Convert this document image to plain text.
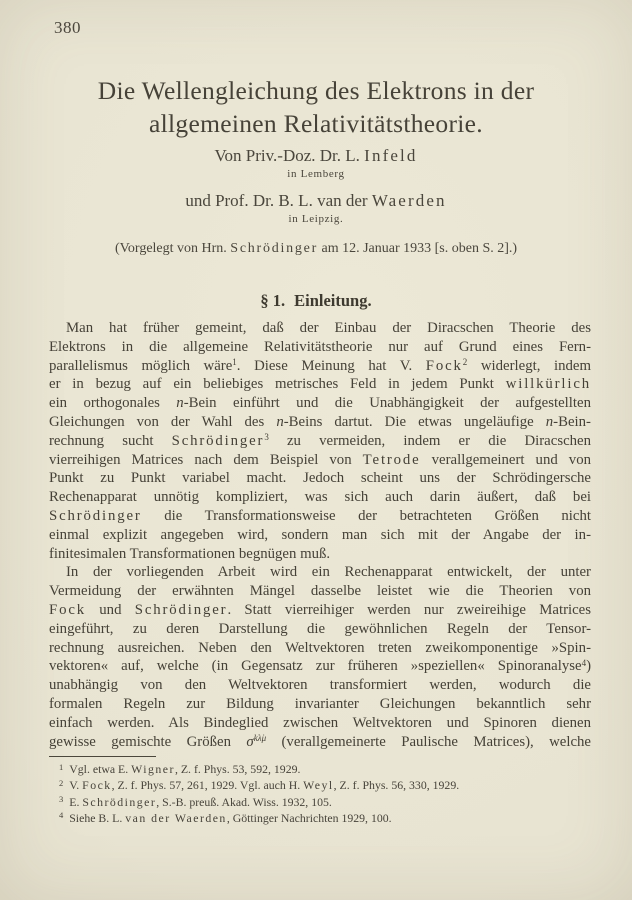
380
Die Wellengleichung des Elektrons in der
allgemeinen Relativitätstheorie.
Von Priv.-Doz. Dr. L. Infeld
in Lemberg
und Prof. Dr. B. L. van der Waerden
in Leipzig.
(Vorgelegt von Hrn. Schrödinger am 12. Januar 1933 [s. oben S. 2].)
§ 1. Einleitung.
Man hat früher gemeint, daß der Einbau der Diracschen Theorie des
Elektrons in die allgemeine Relativitätstheorie nur auf Grund eines Fern-
parallelismus möglich wäre$^1$. Diese Meinung hat V. Fock$^2$ widerlegt, indem
er in bezug auf ein beliebiges metrisches Feld in jedem Punkt willkürlich
ein orthogonales n-Bein einführt und die Unabhängigkeit der aufgestellten
Gleichungen von der Wahl des n-Beins dartut. Die etwas ungeläufige n-Bein-
rechnung sucht Schrödinger$^3$ zu vermeiden, indem er die Diracschen
vierreihigen Matrices nach dem Beispiel von Tetrode verallgemeinert und von
Punkt zu Punkt variabel macht. Jedoch scheint uns der Schrödingersche
Rechenapparat unnötig kompliziert, was sich auch darin äußert, daß bei
Schrödinger die Transformationsweise der betrachteten Größen nicht
einmal explizit angegeben wird, sondern man sich mit der Angabe der in-
finitesimalen Transformationen begnügen muß.
In der vorliegenden Arbeit wird ein Rechenapparat entwickelt, der unter
Vermeidung der erwähnten Mängel dasselbe leistet wie die Theorien von
Fock und Schrödinger. Statt vierreihiger werden nur zweireihige Matrices
eingeführt, zu deren Darstellung die gewöhnlichen Regeln der Tensor-
rechnung ausreichen. Neben den Weltvektoren treten zweikomponentige »Spin-
vektoren« auf, welche (in Gegensatz zur früheren »speziellen« Spinoranalyse$^4$)
unabhängig von den Weltvektoren transformiert werden, wodurch die
formalen Regeln zur Bildung invarianter Gleichungen bekanntlich sehr
einfach werden. Als Bindeglied zwischen Weltvektoren und Spinoren dienen
gewisse gemischte Größen $\sigma^{k\lambdȧ\mu}$ (verallgemeinerte Paulische Matrices), welche
$^1$ Vgl. etwa E. Wigner, Z. f. Phys. 53, 592, 1929.
$^2$ V. Fock, Z. f. Phys. 57, 261, 1929. Vgl. auch H. Weyl, Z. f. Phys. 56, 330, 1929.
$^3$ E. Schrödinger, S.-B. preuß. Akad. Wiss. 1932, 105.
$^4$ Siehe B. L. van der Waerden, Göttinger Nachrichten 1929, 100.
